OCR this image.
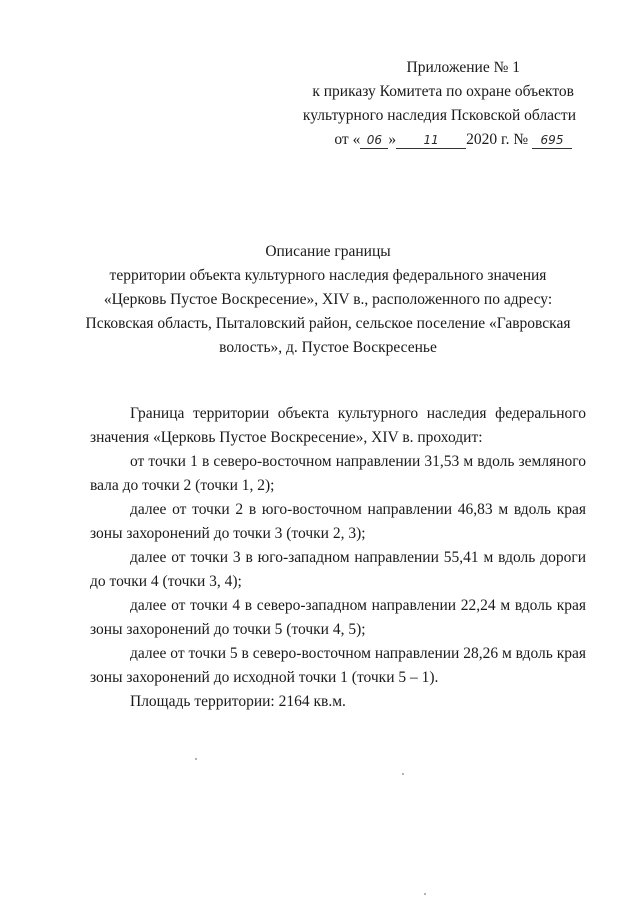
Приложение № 1
к приказу Комитета по охране объектов
культурного наследия Псковской области
от « 06 » 11 2020 г. № 695
Описание границы
территории объекта культурного наследия федерального значения
«Церковь Пустое Воскресение», XIV в., расположенного по адресу:
Псковская область, Пыталовский район, сельское поселение «Гавровская
волость», д. Пустое Воскресенье

Граница территории объекта культурного наследия федерального значения «Церковь Пустое Воскресение», XIV в. проходит:

от точки 1 в северо-восточном направлении 31,53 м вдоль земляного вала до точки 2 (точки 1, 2);

далее от точки 2 в юго-восточном направлении 46,83 м вдоль края зоны захоронений до точки 3 (точки 2, 3);

далее от точки 3 в юго-западном направлении 55,41 м вдоль дороги до точки 4 (точки 3, 4);

далее от точки 4 в северо-западном направлении 22,24 м вдоль края зоны захоронений до точки 5 (точки 4, 5);

далее от точки 5 в северо-восточном направлении 28,26 м вдоль края зоны захоронений до исходной точки 1 (точки 5 – 1).

Площадь территории: 2164 кв.м.
